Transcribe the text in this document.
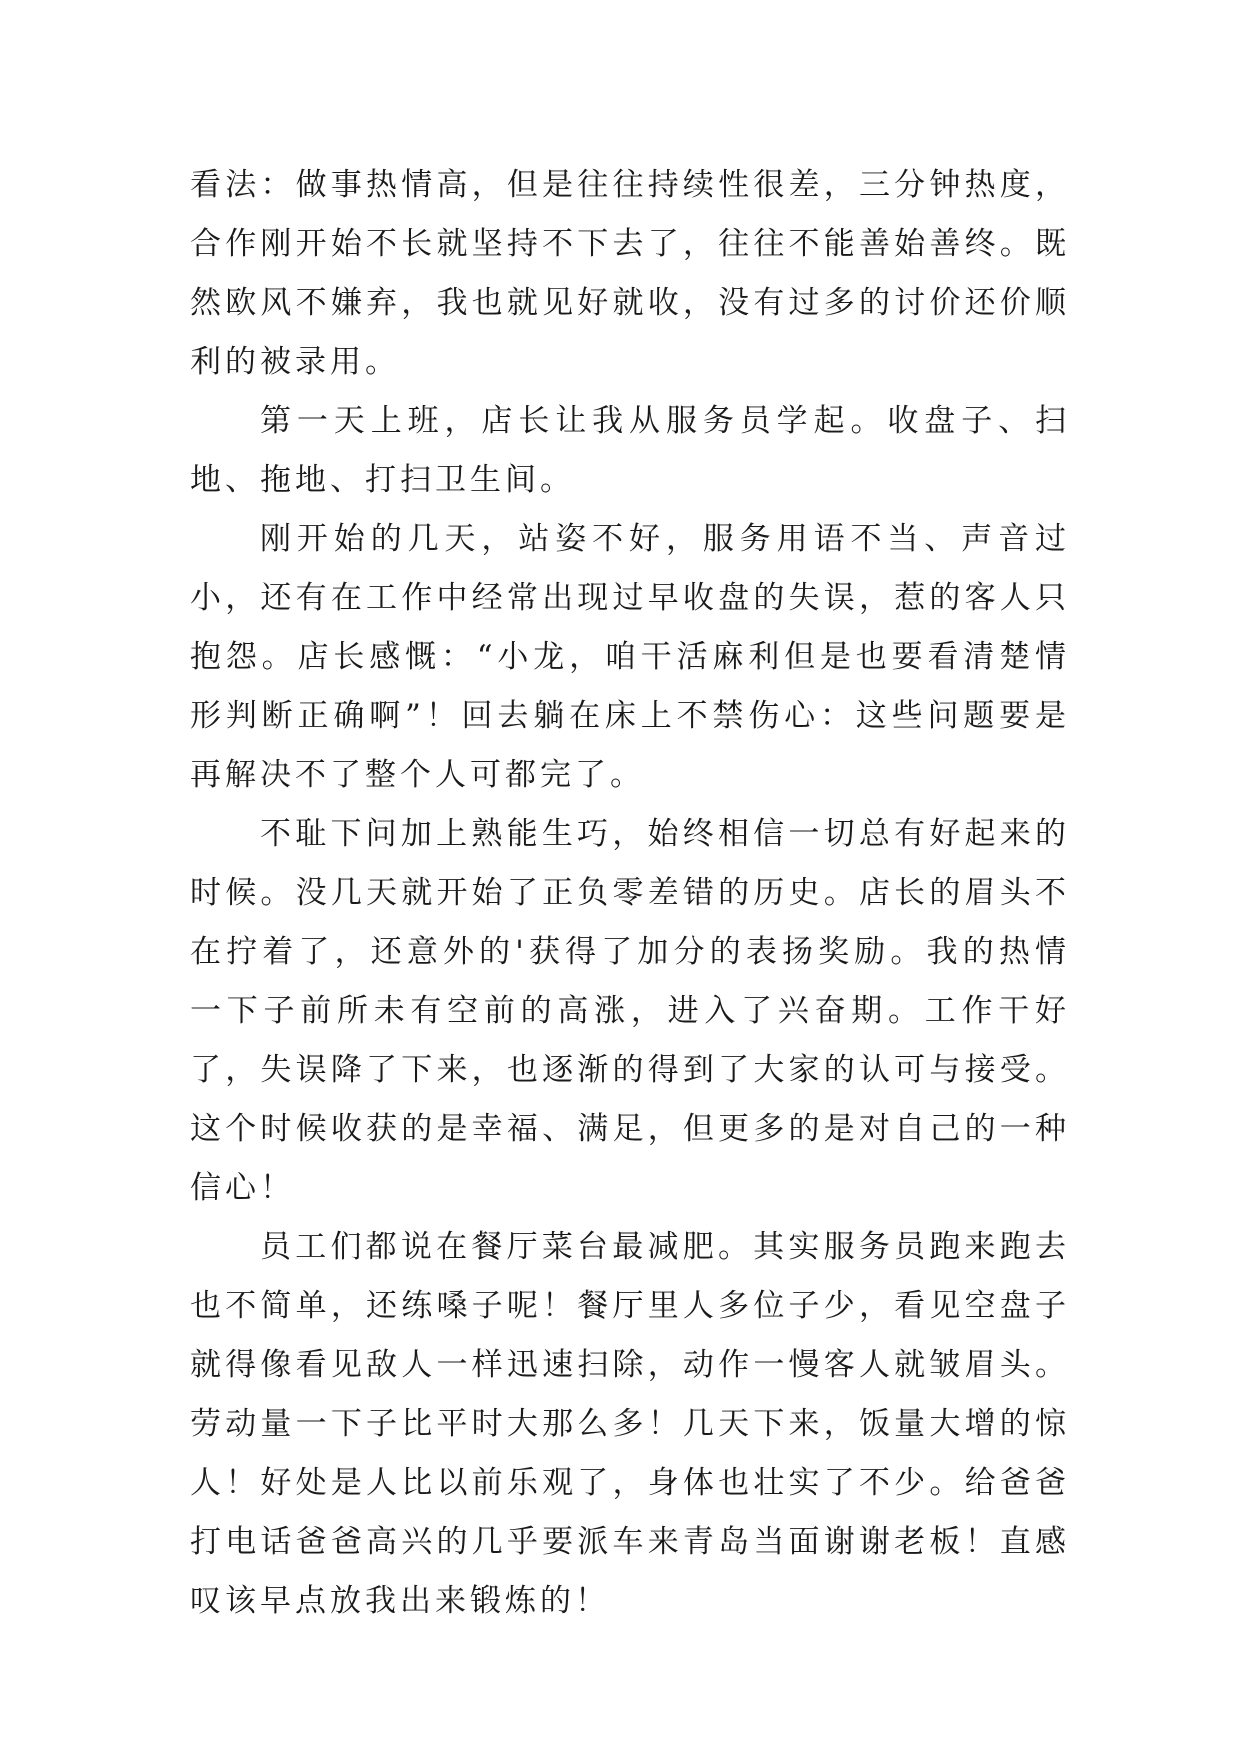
看法：做事热情高，但是往往持续性很差，三分钟热度，合作刚开始不长就坚持不下去了，往往不能善始善终。既然欧风不嫌弃，我也就见好就收，没有过多的讨价还价顺利的被录用。

第一天上班，店长让我从服务员学起。收盘子、扫地、拖地、打扫卫生间。

刚开始的几天，站姿不好，服务用语不当、声音过小，还有在工作中经常出现过早收盘的失误，惹的客人只抱怨。店长感慨：“小龙，咱干活麻利但是也要看清楚情形判断正确啊”！回去躺在床上不禁伤心：这些问题要是再解决不了整个人可都完了。

不耻下问加上熟能生巧，始终相信一切总有好起来的时候。没几天就开始了正负零差错的历史。店长的眉头不在拧着了，还意外的'获得了加分的表扬奖励。我的热情一下子前所未有空前的高涨，进入了兴奋期。工作干好了，失误降了下来，也逐渐的得到了大家的认可与接受。这个时候收获的是幸福、满足，但更多的是对自己的一种信心！

员工们都说在餐厅菜台最减肥。其实服务员跑来跑去也不简单，还练嗓子呢！餐厅里人多位子少，看见空盘子就得像看见敌人一样迅速扫除，动作一慢客人就皱眉头。劳动量一下子比平时大那么多！几天下来，饭量大增的惊人！好处是人比以前乐观了，身体也壮实了不少。给爸爸打电话爸爸高兴的几乎要派车来青岛当面谢谢老板！直感叹该早点放我出来锻炼的！
